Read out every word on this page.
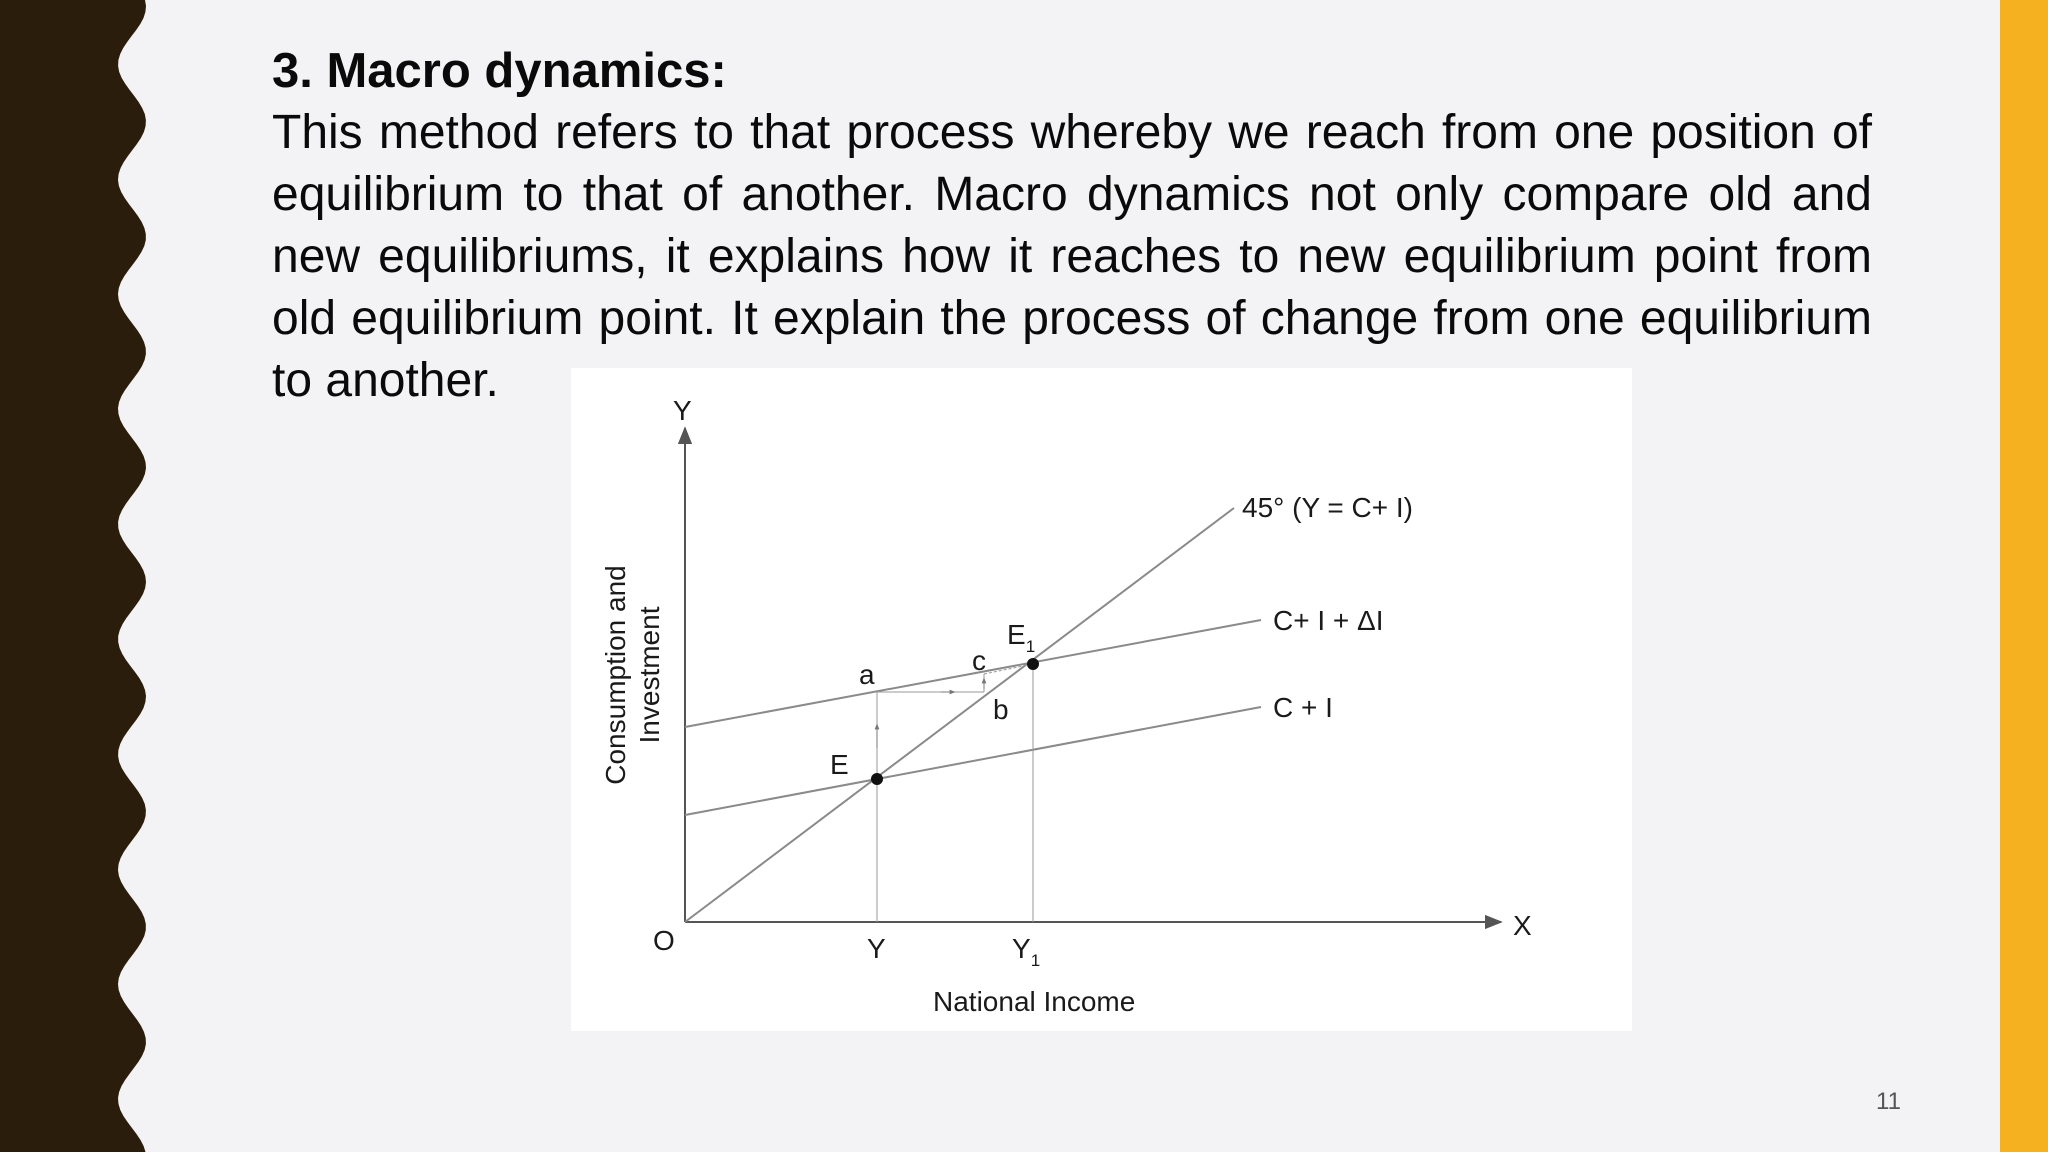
3. Macro dynamics:

This method refers to that process whereby we reach from one position of equilibrium to that of another. Macro dynamics not only compare old and new equilibriums, it explains how it reaches to new equilibrium point from old equilibrium point. It explain the process of change from one equilibrium to another.

Y
X
O	Y	$Y_1$
National Income
Consumption and Investment
45° (Y = C+ I)
C+ I + ΔI
C + I
E
$E_1$
a
b
c
11
